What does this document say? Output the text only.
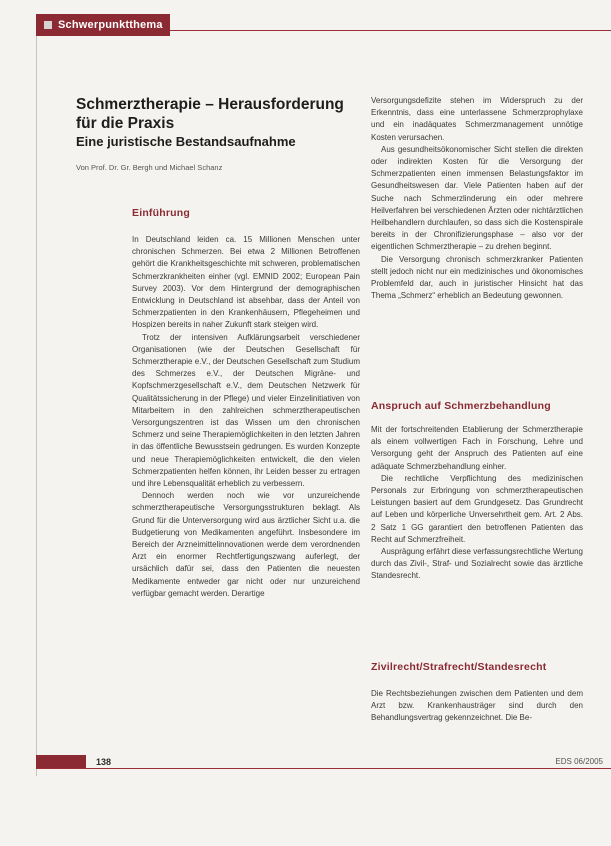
Schwerpunktthema
Schmerztherapie – Herausforderung für die Praxis
Eine juristische Bestandsaufnahme
Von Prof. Dr. Gr. Bergh und Michael Schanz
Einführung

In Deutschland leiden ca. 15 Millionen Menschen unter chronischen Schmerzen. Bei etwa 2 Millionen Betroffenen gehört die Krankheitsgeschichte mit schweren, problematischen Schmerzkrankheiten einher (vgl. EMNID 2002; European Pain Survey 2003). Vor dem Hintergrund der demographischen Entwicklung in Deutschland ist absehbar, dass der Anteil von Schmerzpatienten in den Krankenhäusern, Pflegeheimen und Hospizen bereits in naher Zukunft stark steigen wird.

Trotz der intensiven Aufklärungsarbeit verschiedener Organisationen (wie der Deutschen Gesellschaft für Schmerztherapie e.V., der Deutschen Gesellschaft zum Studium des Schmerzes e.V., der Deutschen Migräne- und Kopfschmerzgesellschaft e.V., dem Deutschen Netzwerk für Qualitätssicherung in der Pflege) und vieler Einzelinitiativen von Mitarbeitern in den zahlreichen schmerztherapeutischen Versorgungszentren ist das Wissen um den chronischen Schmerz und seine Therapiemöglichkeiten in den letzten Jahren in das öffentliche Bewusstsein gedrungen. Es wurden Konzepte und neue Therapiemöglichkeiten entwickelt, die den vielen Schmerzpatienten helfen können, ihr Leiden besser zu ertragen und ihre Lebensqualität erheblich zu verbessern.

Dennoch werden noch wie vor unzureichende schmerztherapeutische Versorgungsstrukturen beklagt. Als Grund für die Unterversorgung wird aus ärztlicher Sicht u.a. die Budgetierung von Medikamenten angeführt. Insbesondere im Bereich der Arzneimittelinnovationen werde dem verordnenden Arzt ein enormer Rechtfertigungszwang auferlegt, der ursächlich dafür sei, dass den Patienten die neuesten Medikamente entweder gar nicht oder nur unzureichend verfügbar gemacht werden. Derartige

Versorgungsdefizite stehen im Widerspruch zu der Erkenntnis, dass eine unterlassene Schmerzprophylaxe und ein inadäquates Schmerzmanagement unnötige Kosten verursachen.

Aus gesundheitsökonomischer Sicht stellen die direkten oder indirekten Kosten für die Versorgung der Schmerzpatienten einen immensen Belastungsfaktor im Gesundheitswesen dar. Viele Patienten haben auf der Suche nach Schmerzlinderung ein oder mehrere Heilverfahren bei verschiedenen Ärzten oder nichtärztlichen Heilbehandlern durchlaufen, so dass sich die Kostenspirale bereits in der Chronifizierungsphase – also vor der eigentlichen Schmerztherapie – zu drehen beginnt.

Die Versorgung chronisch schmerzkranker Patienten stellt jedoch nicht nur ein medizinisches und ökonomisches Problemfeld dar, auch in juristischer Hinsicht hat das Thema „Schmerz“ erheblich an Bedeutung gewonnen.

Anspruch auf Schmerzbehandlung

Mit der fortschreitenden Etablierung der Schmerztherapie als einem vollwertigen Fach in Forschung, Lehre und Versorgung geht der Anspruch des Patienten auf eine adäquate Schmerzbehandlung einher.

Die rechtliche Verpflichtung des medizinischen Personals zur Erbringung von schmerztherapeutischen Leistungen basiert auf dem Grundgesetz. Das Grundrecht auf Leben und körperliche Unversehrtheit gem. Art. 2 Abs. 2 Satz 1 GG garantiert den betroffenen Patienten das Recht auf Schmerzfreiheit.

Ausprägung erfährt diese verfassungsrechtliche Wertung durch das Zivil-, Straf- und Sozialrecht sowie das ärztliche Standesrecht.

Zivilrecht/Strafrecht/Standesrecht

Die Rechtsbeziehungen zwischen dem Patienten und dem Arzt bzw. Krankenhausträger sind durch den Behandlungsvertrag gekennzeichnet. Die Be-

138	EDS 06/2005
